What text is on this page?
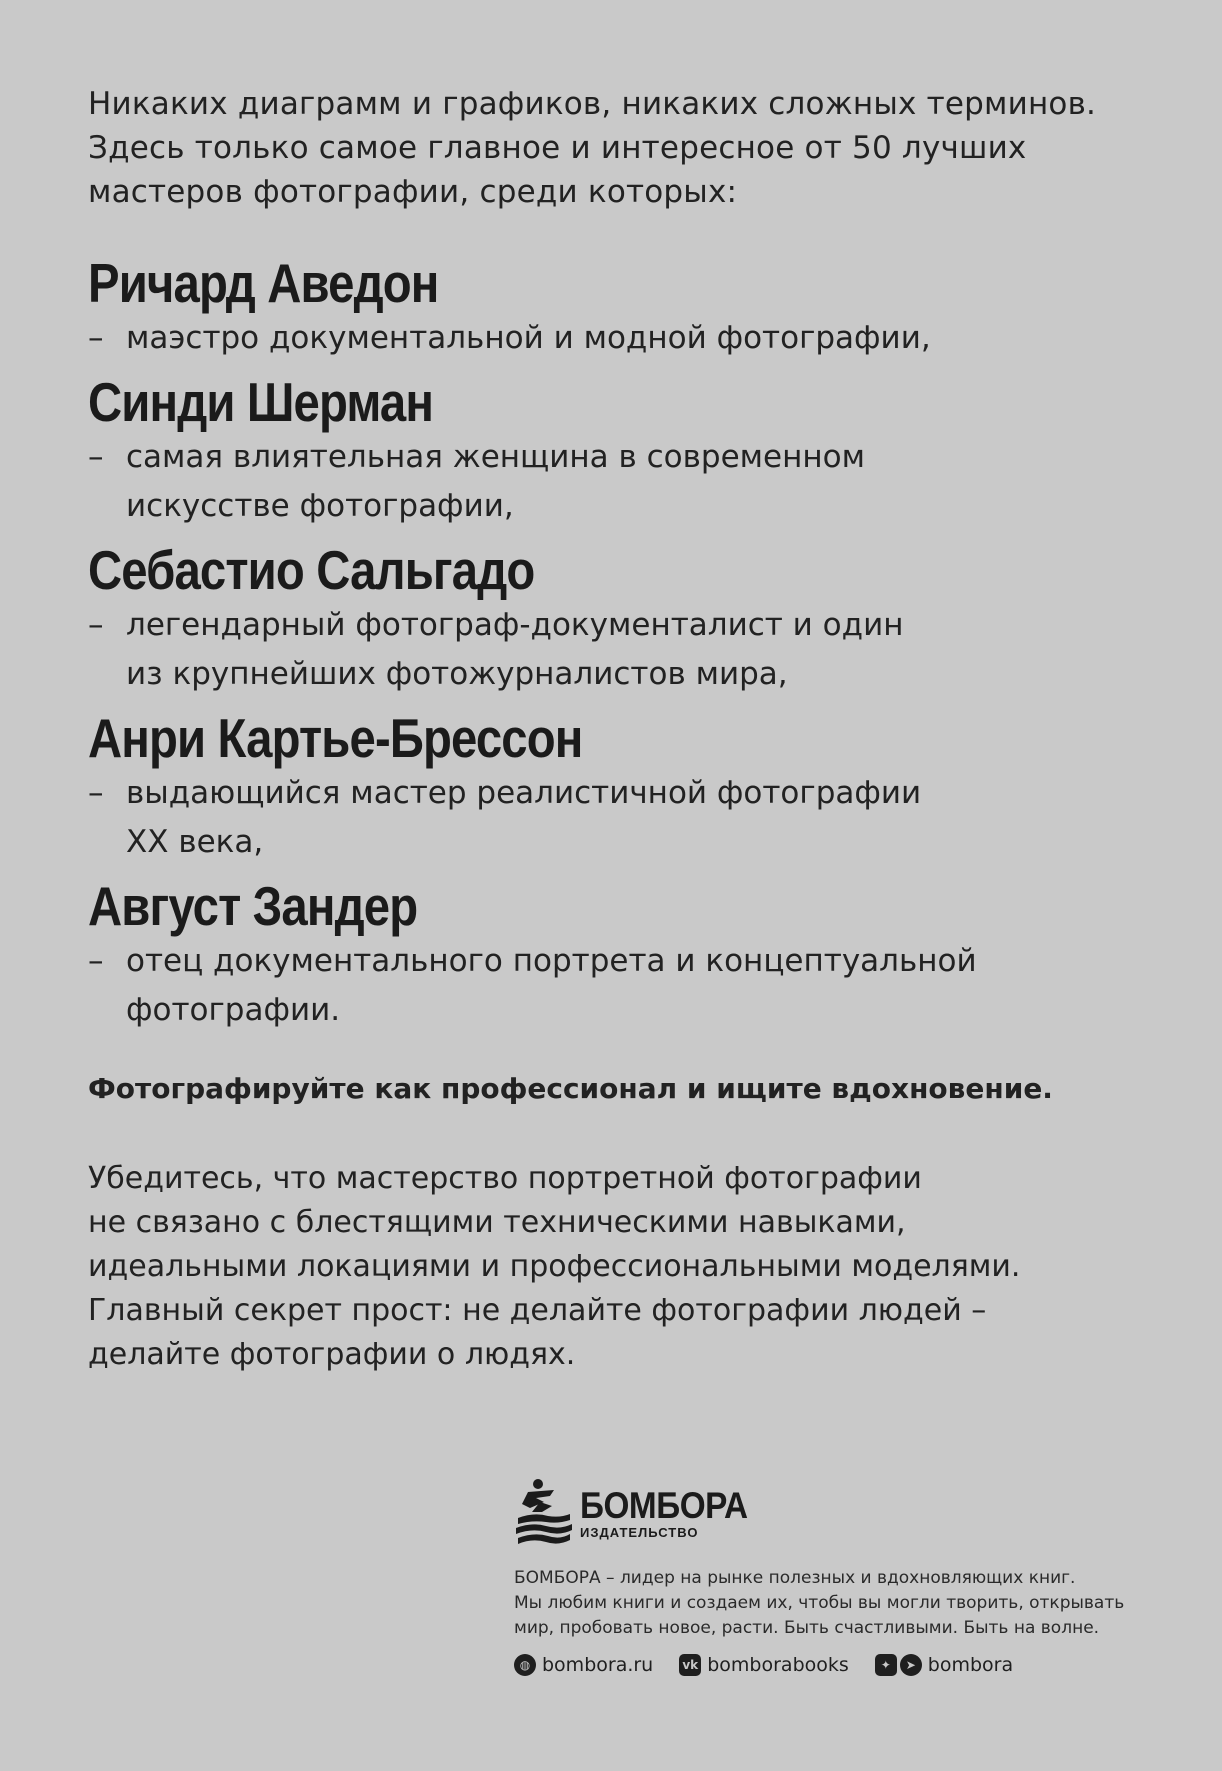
Никаких диаграмм и графиков, никаких сложных терминов.

Здесь только самое главное и интересное от 50 лучших

мастеров фотографии, среди которых:

Ричард Аведон
– маэстро документальной и модной фотографии,

Синди Шерман
– самая влиятельная женщина в современном

искусстве фотографии,

Себастио Сальгадо
– легендарный фотограф-документалист и один

из крупнейших фотожурналистов мира,

Анри Картье-Брессон
– выдающийся мастер реалистичной фотографии

XX века,

Август Зандер
– отец документального портрета и концептуальной

фотографии.

Фотографируйте как профессионал и ищите вдохновение.

Убедитесь, что мастерство портретной фотографии

не связано с блестящими техническими навыками,

идеальными локациями и профессиональными моделями.

Главный секрет прост: не делайте фотографии людей –

делайте фотографии о людях.

БОМБОРА
ИЗДАТЕЛЬСТВО

БОМБОРА – лидер на рынке полезных и вдохновляющих книг.

Мы любим книги и создаем их, чтобы вы могли творить, открывать

мир, пробовать новое, расти. Быть счастливыми. Быть на волне.

◍ bombora.ru vk bomborabooks	✦	➤ bombora
